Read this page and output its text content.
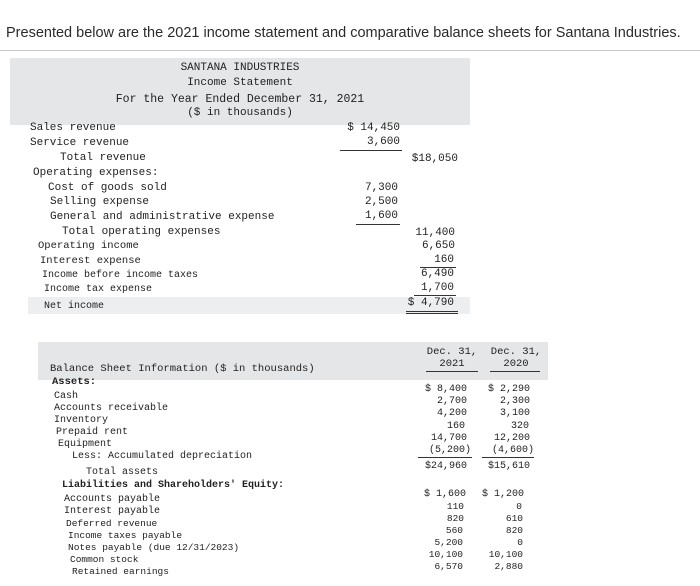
Presented below are the 2021 income statement and comparative balance sheets for Santana Industries.
SANTANA INDUSTRIES
Income Statement
For the Year Ended December 31, 2021
($ in thousands)
Sales revenue
Service revenue
Total revenue
Operating expenses:
Cost of goods sold
Selling expense
General and administrative expense
Total operating expenses
Operating income
Interest expense
Income before income taxes
Income tax expense
Net income
$ 14,450
3,600
7,300
2,500
1,600
$18,050
11,400
6,650
160
6,490
1,700
$ 4,790
Dec. 31,
2021
Dec. 31,
2020
Balance Sheet Information ($ in thousands)
Assets:
Cash
Accounts receivable
Inventory
Prepaid rent
Equipment
Less: Accumulated depreciation
Total assets
$ 8,400
2,700
4,200
160
14,700
(5,200)
$24,960
$ 2,290
2,300
3,100
320
12,200
(4,600)
$15,610
Liabilities and Shareholders' Equity:
Accounts payable
Interest payable
Deferred revenue
Income taxes payable
Notes payable (due 12/31/2023)
Common stock
Retained earnings
$ 1,600
110
820
560
5,200
10,100
6,570
$ 1,200
0
610
820
0
10,100
2,880
